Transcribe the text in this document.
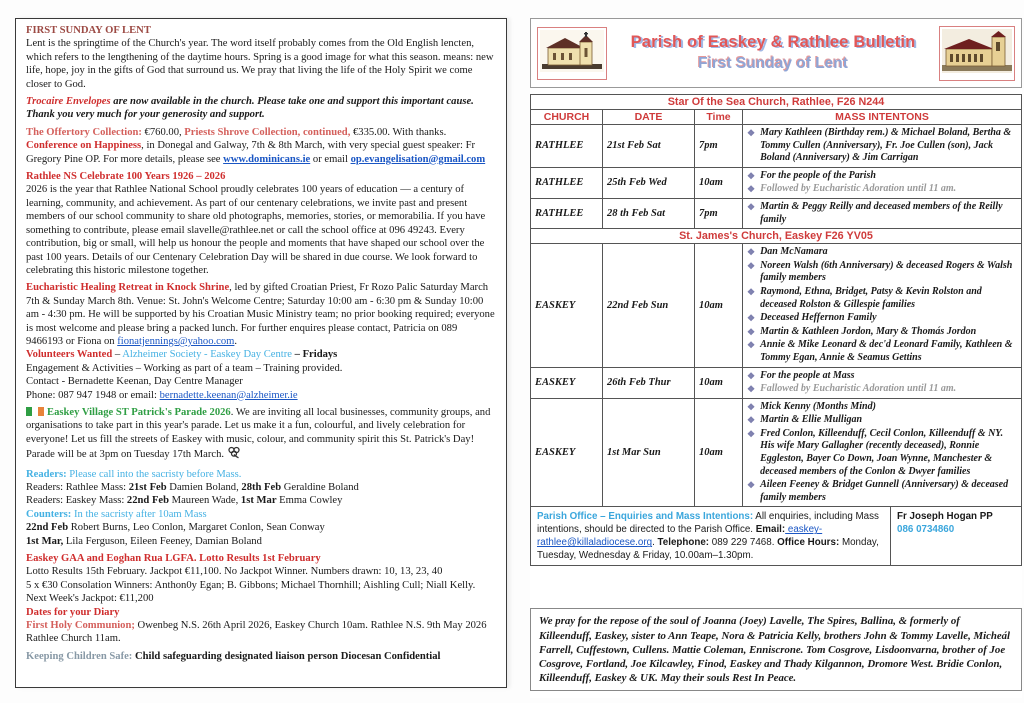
FIRST SUNDAY OF LENT

Lent is the springtime of the Church's year. The word itself probably comes from the Old English lencten, which refers to the lengthening of the daytime hours. Spring is a good image for what this season. means: new life, hope, joy in the gifts of God that surround us. We pray that living the life of the Holy Spirit we come closer to God.

Trocaire Envelopes are now available in the church. Please take one and support this important cause. Thank you very much for your generosity and support.

The Offertory Collection: €760.00, Priests Shrove Collection, continued, €335.00. With thanks.

Conference on Happiness, in Donegal and Galway, 7th & 8th March, with very special guest speaker: Fr Gregory Pine OP. For more details, please see www.dominicans.ie or email op.evangelisation@gmail.com

Rathlee NS Celebrate 100 Years 1926 – 2026

2026 is the year that Rathlee National School proudly celebrates 100 years of education — a century of learning, community, and achievement. As part of our centenary celebrations, we invite past and present members of our school community to share old photographs, memories, stories, or memorabilia. If you have something to contribute, please email slavelle@rathlee.net or call the school office at 096 49243. Every contribution, big or small, will help us honour the people and moments that have shaped our school over the past 100 years. Details of our Centenary Celebration Day will be shared in due course. We look forward to celebrating this historic milestone together.

Eucharistic Healing Retreat in Knock Shrine, led by gifted Croatian Priest, Fr Rozo Palic Saturday March 7th & Sunday March 8th. Venue: St. John's Welcome Centre; Saturday 10:00 am - 6:30 pm & Sunday 10:00 am - 4:30 pm. He will be supported by his Croatian Music Ministry team; no prior booking required; everyone is most welcome and please bring a packed lunch. For further enquires please contact, Patricia on 089 9466193 or Fiona on fionatjennings@yahoo.com.

Volunteers Wanted – Alzheimer Society - Easkey Day Centre – Fridays

Engagement & Activities – Working as part of a team – Training provided.

Contact - Bernadette Keenan, Day Centre Manager

Phone: 087 947 1948 or email: bernadette.keenan@alzheimer.ie

Easkey Village ST Patrick's Parade 2026. We are inviting all local businesses, community groups, and organisations to take part in this year's parade. Let us make it a fun, colourful, and lively celebration for everyone! Let us fill the streets of Easkey with music, colour, and community spirit this St. Patrick's Day! Parade will be at 3pm on Tuesday 17th March.

Readers: Please call into the sacristy before Mass.

Readers: Rathlee Mass: 21st Feb Damien Boland, 28th Feb Geraldine Boland

Readers: Easkey Mass: 22nd Feb Maureen Wade, 1st Mar Emma Cowley

Counters: In the sacristy after 10am Mass

22nd Feb Robert Burns, Leo Conlon, Margaret Conlon, Sean Conway

1st Mar, Lila Ferguson, Eileen Feeney, Damian Boland

Easkey GAA and Eoghan Rua LGFA. Lotto Results 1st February

Lotto Results 15th February. Jackpot €11,100. No Jackpot Winner. Numbers drawn: 10, 13, 23, 40

5 x €30 Consolation Winners: Anthon0y Egan; B. Gibbons; Michael Thornhill; Aishling Cull; Niall Kelly. Next Week's Jackpot: €11,200

Dates for your Diary

First Holy Communion; Owenbeg N.S. 26th April 2026, Easkey Church 10am. Rathlee N.S. 9th May 2026 Rathlee Church 11am.

Keeping Children Safe: Child safeguarding designated liaison person Diocesan Confidential

Parish of Easkey & Rathlee Bulletin
First Sunday of Lent
Star Of the Sea Church, Rathlee, F26 N244			
CHURCH	DATE	Time	MASS INTENTONS
RATHLEE	21st Feb Sat	7pm	❖ Mary Kathleen (Birthday rem.) & Michael Boland, Bertha & Tommy Cullen (Anniversary), Fr. Joe Cullen (son), Jack Boland (Anniversary) & Jim Carrigan

RATHLEE	25th Feb Wed	10am	❖ For the people of the Parish
❖ Followed by Eucharistic Adoration until 11 am.

RATHLEE	28 th Feb Sat	7pm	❖ Martin & Peggy Reilly and deceased members of the Reilly family

St. James's Church, Easkey F26 YV05			
EASKEY	22nd Feb Sun	10am	
❖ Dan McNamara
❖ Noreen Walsh (6th Anniversary) & deceased Rogers & Walsh family members
❖ Raymond, Ethna, Bridget, Patsy & Kevin Rolston and deceased Rolston & Gillespie families
❖ Deceased Heffernon Family
❖ Martin & Kathleen Jordon, Mary & Thomás Jordon
❖ Annie & Mike Leonard & dec'd Leonard Family, Kathleen & Tommy Egan, Annie & Seamus Gettins

EASKEY	26th Feb Thur	10am	❖ For the people at Mass
❖ Fallowed by Eucharistic Adoration until 11 am.

EASKEY	1st Mar Sun	10am	
❖ Mick Kenny (Months Mind)
❖ Martin & Ellie Mulligan
❖ Fred Conlon, Killeenduff, Cecil Conlon, Killeenduff & NY. His wife Mary Gallagher (recently deceased), Ronnie Eggleston, Bayer Co Down, Joan Wynne, Manchester & deceased members of the Conlon & Dwyer families
❖ Aileen Feeney & Bridget Gunnell (Anniversary) & deceased family members
Parish Office – Enquiries and Mass Intentions: All enquiries, including Mass intentions, should be directed to the Parish Office. Email: easkey-rathlee@killaladiocese.org. Telephone: 089 229 7468. Office Hours: Monday, Tuesday, Wednesday & Friday, 10.00am–1.30pm.
Fr Joseph Hogan PP
086 0734860
We pray for the repose of the soul of Joanna (Joey) Lavelle, The Spires, Ballina, & formerly of Killeenduff, Easkey, sister to Ann Teape, Nora & Patricia Kelly, brothers John & Tommy Lavelle, Micheál Farrell, Cuffestown, Cullens. Mattie Coleman, Enniscrone. Tom Cosgrove, Lisdoonvarna, brother of Joe Cosgrove, Fortland, Joe Kilcawley, Finod, Easkey and Thady Kilgannon, Dromore West. Bridie Conlon, Killeenduff, Easkey & UK. May their souls Rest In Peace.
